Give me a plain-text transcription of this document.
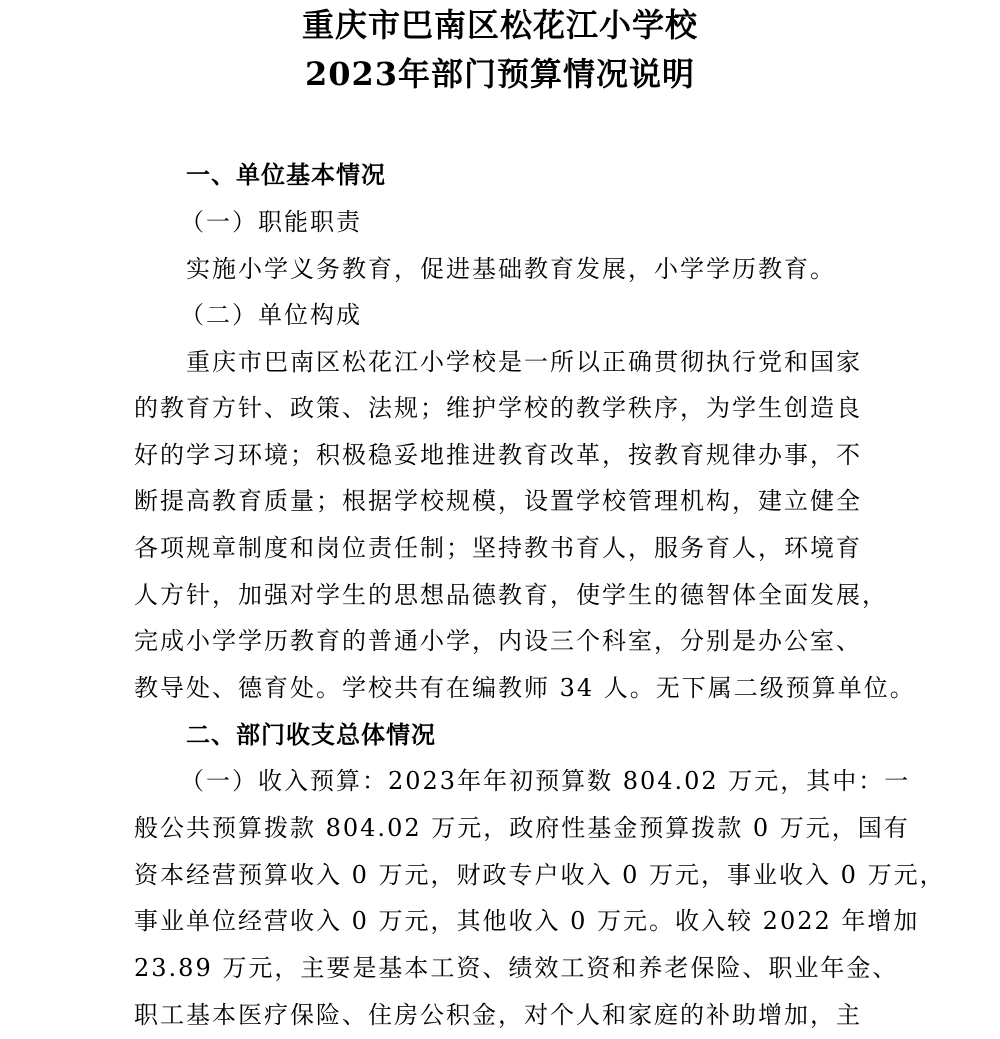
重庆市巴南区松花江小学校
2023年部门预算情况说明
一、单位基本情况
（一）职能职责
实施小学义务教育，促进基础教育发展，小学学历教育。
（二）单位构成
重庆市巴南区松花江小学校是一所以正确贯彻执行党和国家
的教育方针、政策、法规；维护学校的教学秩序，为学生创造良
好的学习环境；积极稳妥地推进教育改革，按教育规律办事，不
断提高教育质量；根据学校规模，设置学校管理机构，建立健全
各项规章制度和岗位责任制；坚持教书育人，服务育人，环境育
人方针，加强对学生的思想品德教育，使学生的德智体全面发展，
完成小学学历教育的普通小学，内设三个科室，分别是办公室、
教导处、德育处。学校共有在编教师 34 人。无下属二级预算单位。
二、部门收支总体情况
（一）收入预算：2023年年初预算数 804.02 万元，其中：一
般公共预算拨款 804.02 万元，政府性基金预算拨款 0 万元，国有
资本经营预算收入 0 万元，财政专户收入 0 万元，事业收入 0 万元，
事业单位经营收入 0 万元，其他收入 0 万元。收入较 2022 年增加
23.89 万元，主要是基本工资、绩效工资和养老保险、职业年金、
职工基本医疗保险、住房公积金，对个人和家庭的补助增加，主
